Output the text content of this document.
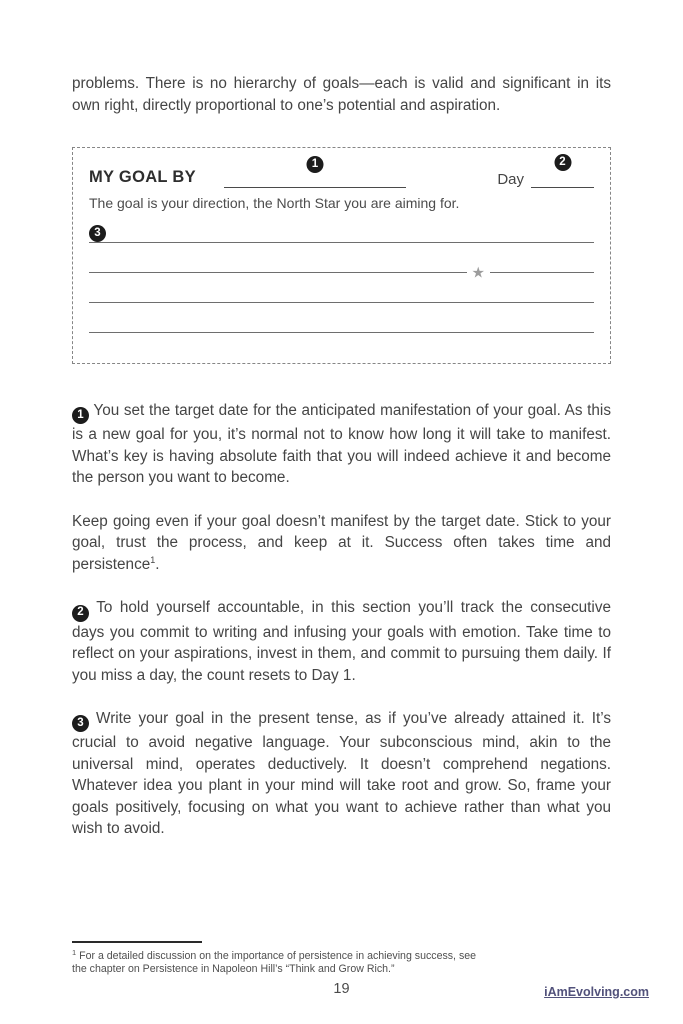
problems. There is no hierarchy of goals—each is valid and significant in its own right, directly proportional to one’s potential and aspiration.

MY GOAL BY
1
Day
2
The goal is your direction, the North Star you are aiming for.
3
★

1 You set the target date for the anticipated manifestation of your goal. As this is a new goal for you, it’s normal not to know how long it will take to manifest. What’s key is having absolute faith that you will indeed achieve it and become the person you want to become.

Keep going even if your goal doesn’t manifest by the target date. Stick to your goal, trust the process, and keep at it. Success often takes time and persistence$^1$.

2 To hold yourself accountable, in this section you’ll track the consecutive days you commit to writing and infusing your goals with emotion. Take time to reflect on your aspirations, invest in them, and commit to pursuing them daily. If you miss a day, the count resets to Day 1.

3 Write your goal in the present tense, as if you’ve already attained it. It’s crucial to avoid negative language. Your subconscious mind, akin to the universal mind, operates deductively. It doesn’t comprehend negations. Whatever idea you plant in your mind will take root and grow. So, frame your goals positively, focusing on what you want to achieve rather than what you wish to avoid.

$^1$ For a detailed discussion on the importance of persistence in achieving success, see the chapter on Persistence in Napoleon Hill’s “Think and Grow Rich.”

19	iAmEvolving.com
